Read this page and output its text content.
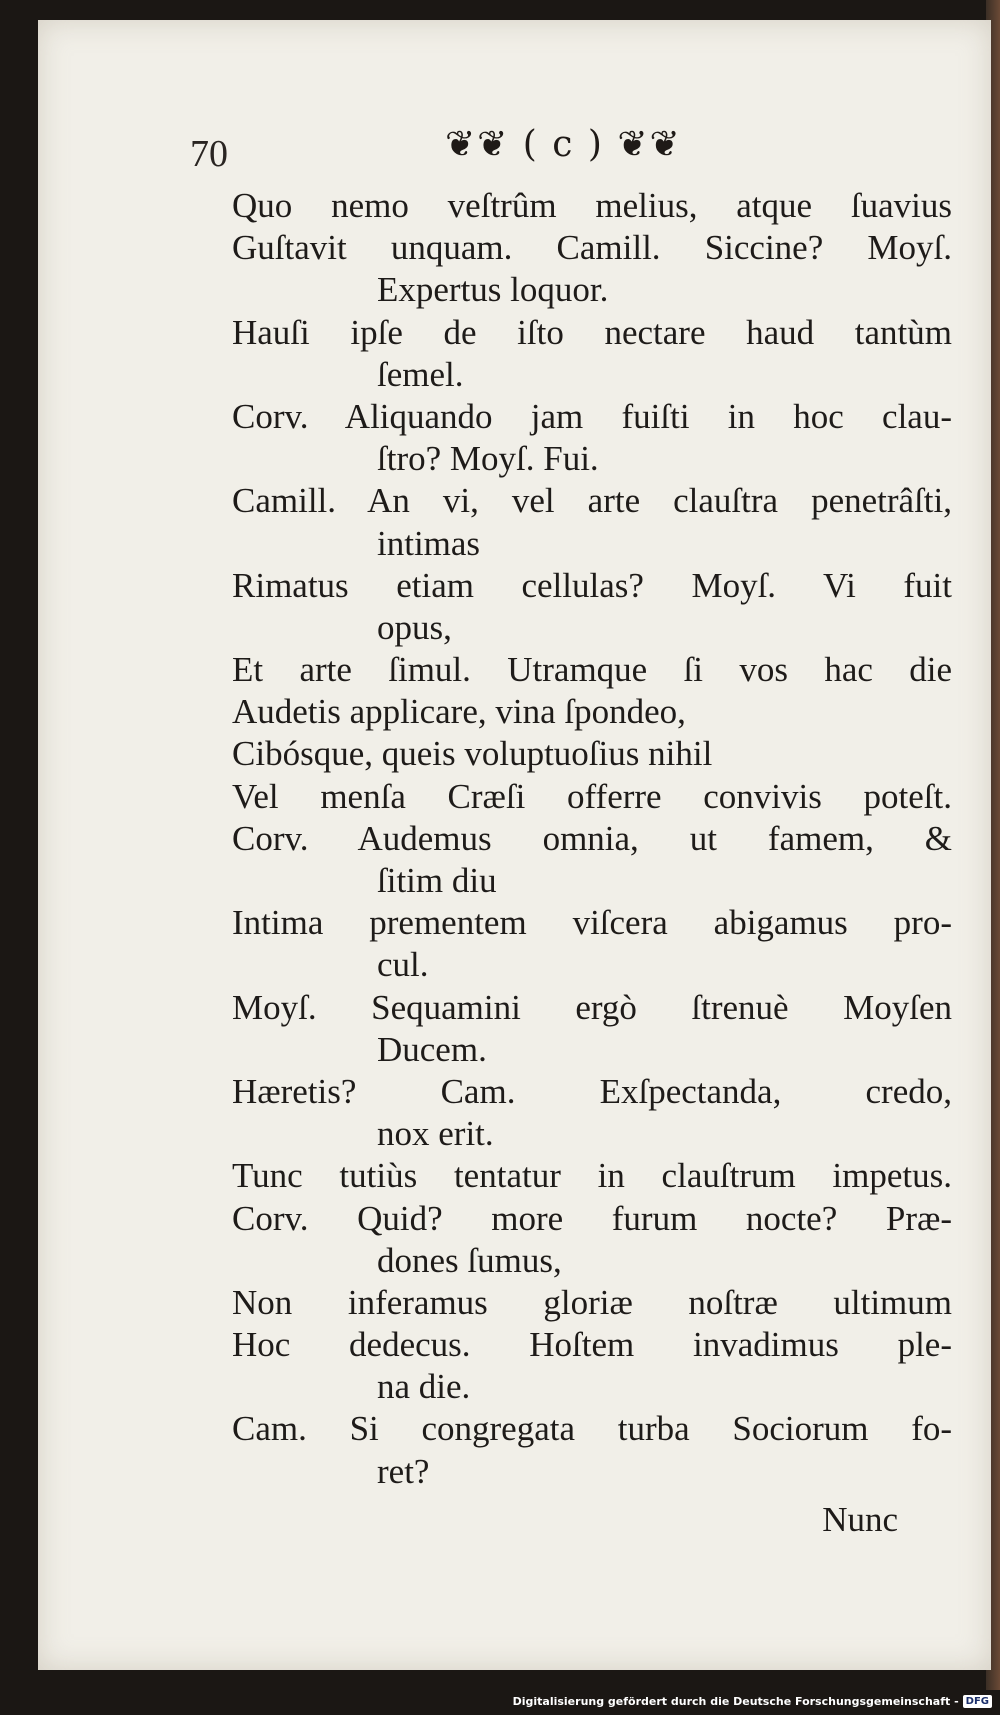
70	❦❦ ( c ) ❦❦
Quo nemo veſtrûm melius, atque ſuavius
Guſtavit unquam. Camill. Siccine? Moyſ.
Expertus loquor.
Hauſi ipſe de iſto nectare haud tantùm
ſemel.
Corv. Aliquando jam fuiſti in hoc clau-
ſtro? Moyſ. Fui.
Camill. An vi, vel arte clauſtra penetrâſti,
intimas
Rimatus etiam cellulas? Moyſ. Vi fuit
opus,
Et arte ſimul. Utramque ſi vos hac die
Audetis applicare, vina ſpondeo,
Cibósque, queis voluptuoſius nihil
Vel menſa Cræſi offerre convivis poteſt.
Corv. Audemus omnia, ut famem, &
ſitim diu
Intima prementem viſcera abigamus pro-
cul.
Moyſ. Sequamini ergò ſtrenuè Moyſen
Ducem.
Hæretis? Cam. Exſpectanda, credo,
nox erit.
Tunc tutiùs tentatur in clauſtrum impetus.
Corv. Quid? more furum nocte? Præ-
dones ſumus,
Non inferamus gloriæ noſtræ ultimum
Hoc dedecus. Hoſtem invadimus ple-
na die.
Cam. Si congregata turba Sociorum fo-
ret?
Nunc
Digitalisierung gefördert durch die Deutsche Forschungsgemeinschaft - DFG
